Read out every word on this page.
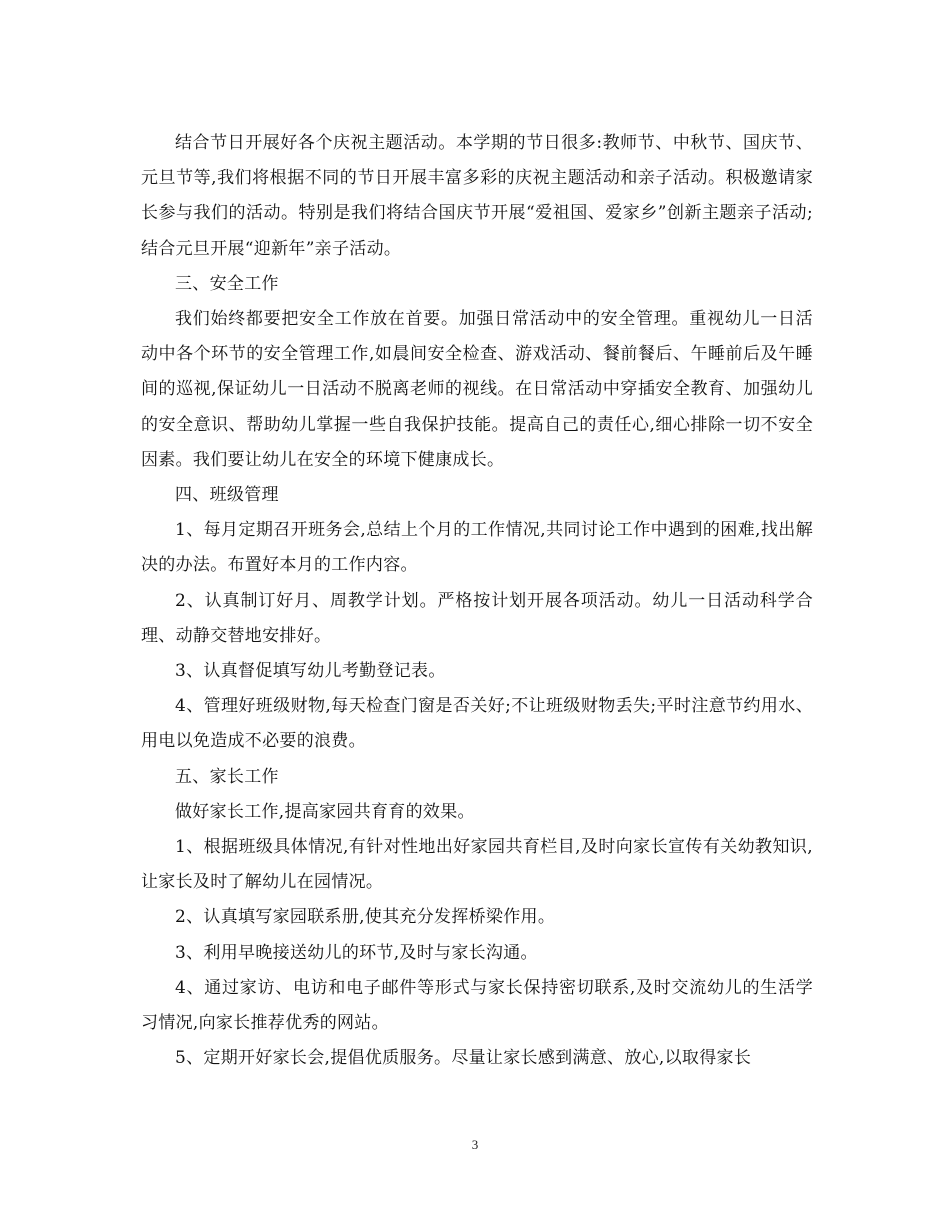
结合节日开展好各个庆祝主题活动。本学期的节日很多:教师节、中秋节、国庆节、元旦节等,我们将根据不同的节日开展丰富多彩的庆祝主题活动和亲子活动。积极邀请家长参与我们的活动。特别是我们将结合国庆节开展“爱祖国、爱家乡”创新主题亲子活动;结合元旦开展“迎新年”亲子活动。

三、安全工作

我们始终都要把安全工作放在首要。加强日常活动中的安全管理。重视幼儿一日活动中各个环节的安全管理工作,如晨间安全检查、游戏活动、餐前餐后、午睡前后及午睡间的巡视,保证幼儿一日活动不脱离老师的视线。在日常活动中穿插安全教育、加强幼儿的安全意识、帮助幼儿掌握一些自我保护技能。提高自己的责任心,细心排除一切不安全因素。我们要让幼儿在安全的环境下健康成长。

四、班级管理

1、每月定期召开班务会,总结上个月的工作情况,共同讨论工作中遇到的困难,找出解决的办法。布置好本月的工作内容。

2、认真制订好月、周教学计划。严格按计划开展各项活动。幼儿一日活动科学合理、动静交替地安排好。

3、认真督促填写幼儿考勤登记表。

4、管理好班级财物,每天检查门窗是否关好;不让班级财物丢失;平时注意节约用水、用电以免造成不必要的浪费。

五、家长工作

做好家长工作,提高家园共育育的效果。

1、根据班级具体情况,有针对性地出好家园共育栏目,及时向家长宣传有关幼教知识,让家长及时了解幼儿在园情况。

2、认真填写家园联系册,使其充分发挥桥梁作用。

3、利用早晚接送幼儿的环节,及时与家长沟通。

4、通过家访、电访和电子邮件等形式与家长保持密切联系,及时交流幼儿的生活学习情况,向家长推荐优秀的网站。

5、定期开好家长会,提倡优质服务。尽量让家长感到满意、放心,以取得家长

3
